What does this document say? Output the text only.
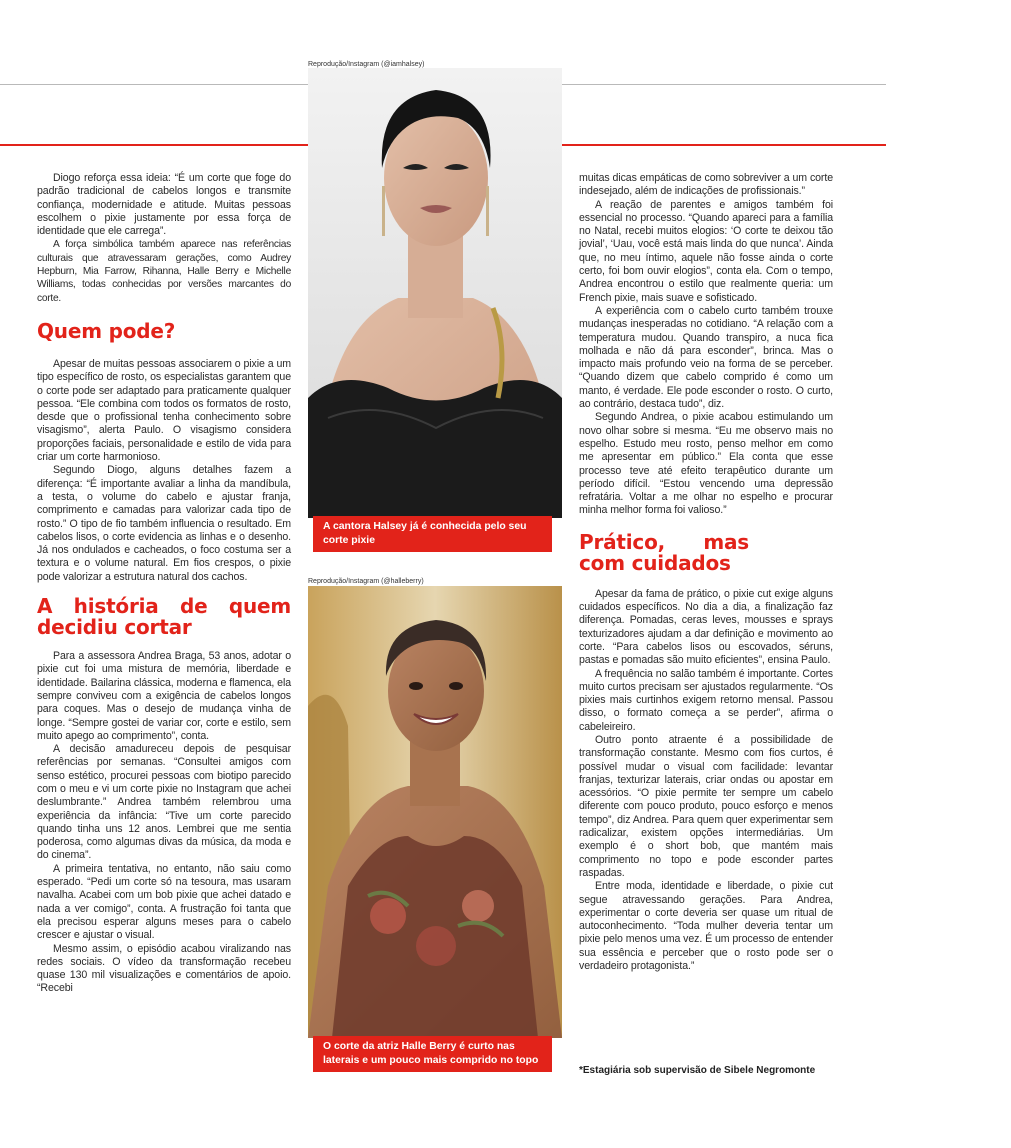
Diogo reforça essa ideia: “É um corte que foge do padrão tradicional de cabelos longos e transmite confiança, modernidade e atitude. Muitas pessoas escolhem o pixie justamente por essa força de identidade que ele carrega”.

A força simbólica também aparece nas referências culturais que atravessaram gerações, como Audrey Hepburn, Mia Farrow, Rihanna, Halle Berry e Michelle Williams, todas conhecidas por versões marcantes do corte.

Quem pode?

Apesar de muitas pessoas associarem o pixie a um tipo específico de rosto, os especialistas garantem que o corte pode ser adaptado para praticamente qualquer pessoa. “Ele combina com todos os formatos de rosto, desde que o profissional tenha conhecimento sobre visagismo”, alerta Paulo. O visagismo considera proporções faciais, personalidade e estilo de vida para criar um corte harmonioso.

Segundo Diogo, alguns detalhes fazem a diferença: “É importante avaliar a linha da mandíbula, a testa, o volume do cabelo e ajustar franja, comprimento e camadas para valorizar cada tipo de rosto.” O tipo de fio também influencia o resultado. Em cabelos lisos, o corte evidencia as linhas e o desenho. Já nos ondulados e cacheados, o foco costuma ser a textura e o volume natural. Em fios crespos, o pixie pode valorizar a estrutura natural dos cachos.

A história de quem decidiu cortar

Para a assessora Andrea Braga, 53 anos, adotar o pixie cut foi uma mistura de memória, liberdade e identidade. Bailarina clássica, moderna e flamenca, ela sempre conviveu com a exigência de cabelos longos para coques. Mas o desejo de mudança vinha de longe. “Sempre gostei de variar cor, corte e estilo, sem muito apego ao comprimento”, conta.

A decisão amadureceu depois de pesquisar referências por semanas. “Consultei amigos com senso estético, procurei pessoas com biotipo parecido com o meu e vi um corte pixie no Instagram que achei deslumbrante.” Andrea também relembrou uma experiência da infância: “Tive um corte parecido quando tinha uns 12 anos. Lembrei que me sentia poderosa, como algumas divas da música, da moda e do cinema”.

A primeira tentativa, no entanto, não saiu como esperado. “Pedi um corte só na tesoura, mas usaram navalha. Acabei com um bob pixie que achei datado e nada a ver comigo”, conta. A frustração foi tanta que ela precisou esperar alguns meses para o cabelo crescer e ajustar o visual.

Mesmo assim, o episódio acabou viralizando nas redes sociais. O vídeo da transformação recebeu quase 130 mil visualizações e comentários de apoio. “Recebi

Reprodução/Instagram (@iamhalsey)
A cantora Halsey já é conhecida pelo seu corte pixie
Reprodução/Instagram (@halleberry)
O corte da atriz Halle Berry é curto nas laterais e um pouco mais comprido no topo

muitas dicas empáticas de como sobreviver a um corte indesejado, além de indicações de profissionais.”

A reação de parentes e amigos também foi essencial no processo. “Quando apareci para a família no Natal, recebi muitos elogios: ‘O corte te deixou tão jovial’, ‘Uau, você está mais linda do que nunca’. Ainda que, no meu íntimo, aquele não fosse ainda o corte certo, foi bom ouvir elogios”, conta ela. Com o tempo, Andrea encontrou o estilo que realmente queria: um French pixie, mais suave e sofisticado.

A experiência com o cabelo curto também trouxe mudanças inesperadas no cotidiano. “A relação com a temperatura mudou. Quando transpiro, a nuca fica molhada e não dá para esconder”, brinca. Mas o impacto mais profundo veio na forma de se perceber. “Quando dizem que cabelo comprido é como um manto, é verdade. Ele pode esconder o rosto. O curto, ao contrário, destaca tudo”, diz.

Segundo Andrea, o pixie acabou estimulando um novo olhar sobre si mesma. “Eu me observo mais no espelho. Estudo meu rosto, penso melhor em como me apresentar em público.” Ela conta que esse processo teve até efeito terapêutico durante um período difícil. “Estou vencendo uma depressão refratária. Voltar a me olhar no espelho e procurar minha melhor forma foi valioso.”

Prático, mas com cuidados

Apesar da fama de prático, o pixie cut exige alguns cuidados específicos. No dia a dia, a finalização faz diferença. Pomadas, ceras leves, mousses e sprays texturizadores ajudam a dar definição e movimento ao corte. “Para cabelos lisos ou escovados, séruns, pastas e pomadas são muito eficientes”, ensina Paulo.

A frequência no salão também é importante. Cortes muito curtos precisam ser ajustados regularmente. “Os pixies mais curtinhos exigem retorno mensal. Passou disso, o formato começa a se perder”, afirma o cabeleireiro.

Outro ponto atraente é a possibilidade de transformação constante. Mesmo com fios curtos, é possível mudar o visual com facilidade: levantar franjas, texturizar laterais, criar ondas ou apostar em acessórios. “O pixie permite ter sempre um cabelo diferente com pouco produto, pouco esforço e menos tempo”, diz Andrea. Para quem quer experimentar sem radicalizar, existem opções intermediárias. Um exemplo é o short bob, que mantém mais comprimento no topo e pode esconder partes raspadas.

Entre moda, identidade e liberdade, o pixie cut segue atravessando gerações. Para Andrea, experimentar o corte deveria ser quase um ritual de autoconhecimento. “Toda mulher deveria tentar um pixie pelo menos uma vez. É um processo de entender sua essência e perceber que o rosto pode ser o verdadeiro protagonista.”

*Estagiária sob supervisão de Sibele Negromonte
